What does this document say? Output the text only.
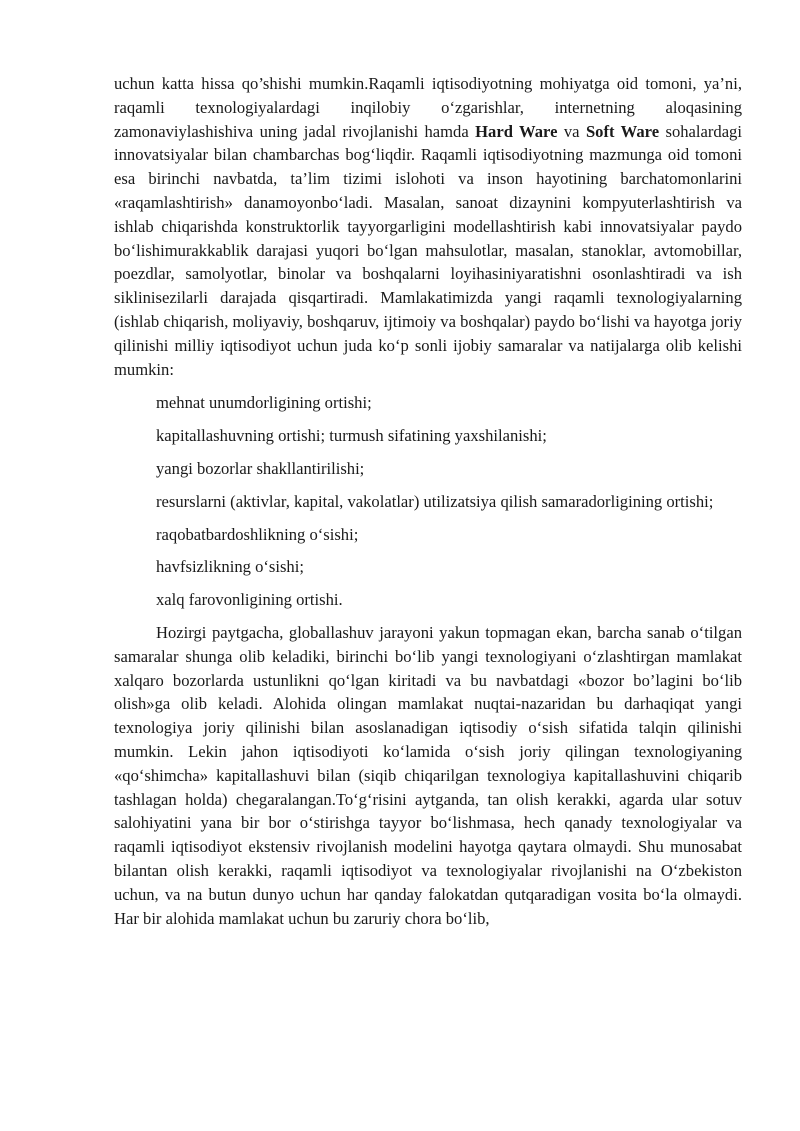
uchun katta hissa qo’shishi mumkin.Raqamli iqtisodiyotning mohiyatga oid tomoni, ya’ni, raqamli texnologiyalardagi inqilobiy o‘zgarishlar, internetning aloqasining zamonaviylashishiva uning jadal rivojlanishi hamda Hard Ware va Soft Ware sohalardagi innovatsiyalar bilan chambarchas bog‘liqdir. Raqamli iqtisodiyotning mazmunga oid tomoni esa birinchi navbatda, ta’lim tizimi islohoti va inson hayotining barchatomonlarini «raqamlashtirish» danamoyonbo‘ladi. Masalan, sanoat dizaynini kompyuterlashtirish va ishlab chiqarishda konstruktorlik tayyorgarligini modellashtirish kabi innovatsiyalar paydo bo‘lishimurakkablik darajasi yuqori bo‘lgan mahsulotlar, masalan, stanoklar, avtomobillar, poezdlar, samolyotlar, binolar va boshqalarni loyihasiniyaratishni osonlashtiradi va ish siklinisezilarli darajada qisqartiradi. Mamlakatimizda yangi raqamli texnologiyalarning (ishlab chiqarish, moliyaviy, boshqaruv, ijtimoiy va boshqalar) paydo bo‘lishi va hayotga joriy qilinishi milliy iqtisodiyot uchun juda ko‘p sonli ijobiy samaralar va natijalarga olib kelishi mumkin:

mehnat unumdorligining ortishi;

kapitallashuvning ortishi; turmush sifatining yaxshilanishi;

yangi bozorlar shakllantirilishi;

resurslarni (aktivlar, kapital, vakolatlar) utilizatsiya qilish samaradorligining ortishi;

raqobatbardoshlikning o‘sishi;

havfsizlikning o‘sishi;

xalq farovonligining ortishi.

Hozirgi paytgacha, globallashuv jarayoni yakun topmagan ekan, barcha sanab o‘tilgan samaralar shunga olib keladiki, birinchi bo‘lib yangi texnologiyani o‘zlashtirgan mamlakat xalqaro bozorlarda ustunlikni qo‘lgan kiritadi va bu navbatdagi «bozor bo’lagini bo‘lib olish»ga olib keladi. Alohida olingan mamlakat nuqtai-nazaridan bu darhaqiqat yangi texnologiya joriy qilinishi bilan asoslanadigan iqtisodiy o‘sish sifatida talqin qilinishi mumkin. Lekin jahon iqtisodiyoti ko‘lamida o‘sish joriy qilingan texnologiyaning «qo‘shimcha» kapitallashuvi bilan (siqib chiqarilgan texnologiya kapitallashuvini chiqarib tashlagan holda) chegaralangan.To‘g‘risini aytganda, tan olish kerakki, agarda ular sotuv salohiyatini yana bir bor o‘stirishga tayyor bo‘lishmasa, hech qanady texnologiyalar va raqamli iqtisodiyot ekstensiv rivojlanish modelini hayotga qaytara olmaydi. Shu munosabat bilantan olish kerakki, raqamli iqtisodiyot va texnologiyalar rivojlanishi na O‘zbekiston uchun, va na butun dunyo uchun har qanday falokatdan qutqaradigan vosita bo‘la olmaydi. Har bir alohida mamlakat uchun bu zaruriy chora bo‘lib,
